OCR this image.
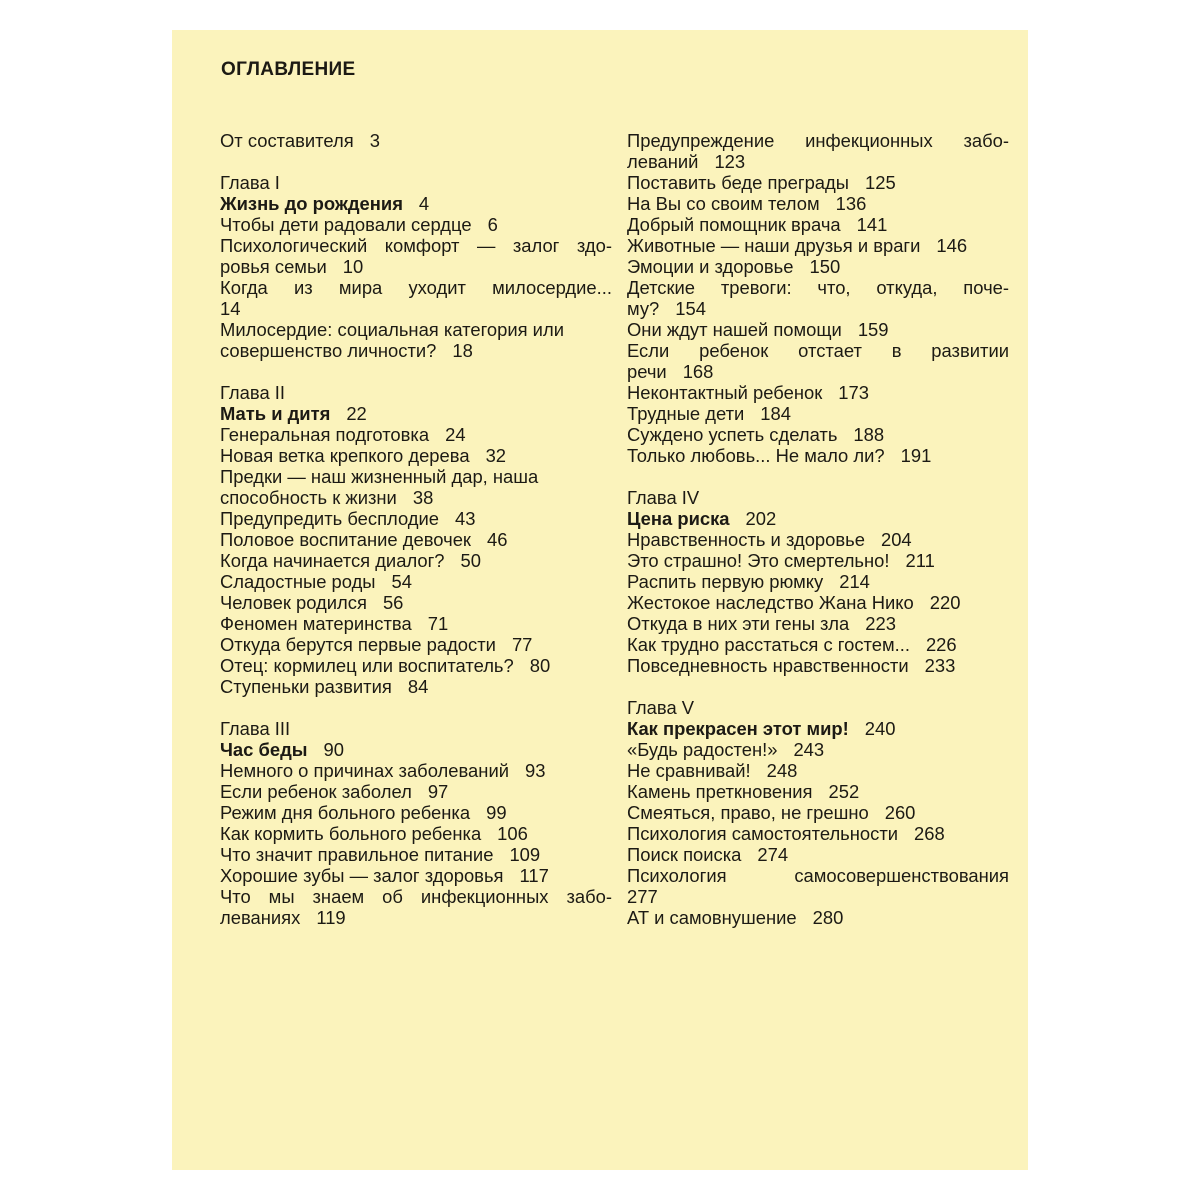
ОГЛАВЛЕНИЕ
От составителя 3
Глава I
Жизнь до рождения 4
Чтобы дети радовали сердце 6
Психологический комфорт — залог здо-
ровья семьи 10
Когда из мира уходит милосердие...
14
Милосердие: социальная категория или
совершенство личности? 18
Глава II
Мать и дитя 22
Генеральная подготовка 24
Новая ветка крепкого дерева 32
Предки — наш жизненный дар, наша
способность к жизни 38
Предупредить бесплодие 43
Половое воспитание девочек 46
Когда начинается диалог? 50
Сладостные роды 54
Человек родился 56
Феномен материнства 71
Откуда берутся первые радости 77
Отец: кормилец или воспитатель? 80
Ступеньки развития 84
Глава III
Час беды 90
Немного о причинах заболеваний 93
Если ребенок заболел 97
Режим дня больного ребенка 99
Как кормить больного ребенка 106
Что значит правильное питание 109
Хорошие зубы — залог здоровья 117
Что мы знаем об инфекционных забо-
леваниях 119
Предупреждение инфекционных забо-
леваний 123
Поставить беде преграды 125
На Вы со своим телом 136
Добрый помощник врача 141
Животные — наши друзья и враги 146
Эмоции и здоровье 150
Детские тревоги: что, откуда, поче-
му? 154
Они ждут нашей помощи 159
Если ребенок отстает в развитии
речи 168
Неконтактный ребенок 173
Трудные дети 184
Суждено успеть сделать 188
Только любовь... Не мало ли? 191
Глава IV
Цена риска 202
Нравственность и здоровье 204
Это страшно! Это смертельно! 211
Распить первую рюмку 214
Жестокое наследство Жана Нико 220
Откуда в них эти гены зла 223
Как трудно расстаться с гостем... 226
Повседневность нравственности 233
Глава V
Как прекрасен этот мир! 240
«Будь радостен!» 243
Не сравнивай! 248
Камень преткновения 252
Смеяться, право, не грешно 260
Психология самостоятельности 268
Поиск поиска 274
Психология самосовершенствования
277
АТ и самовнушение 280
